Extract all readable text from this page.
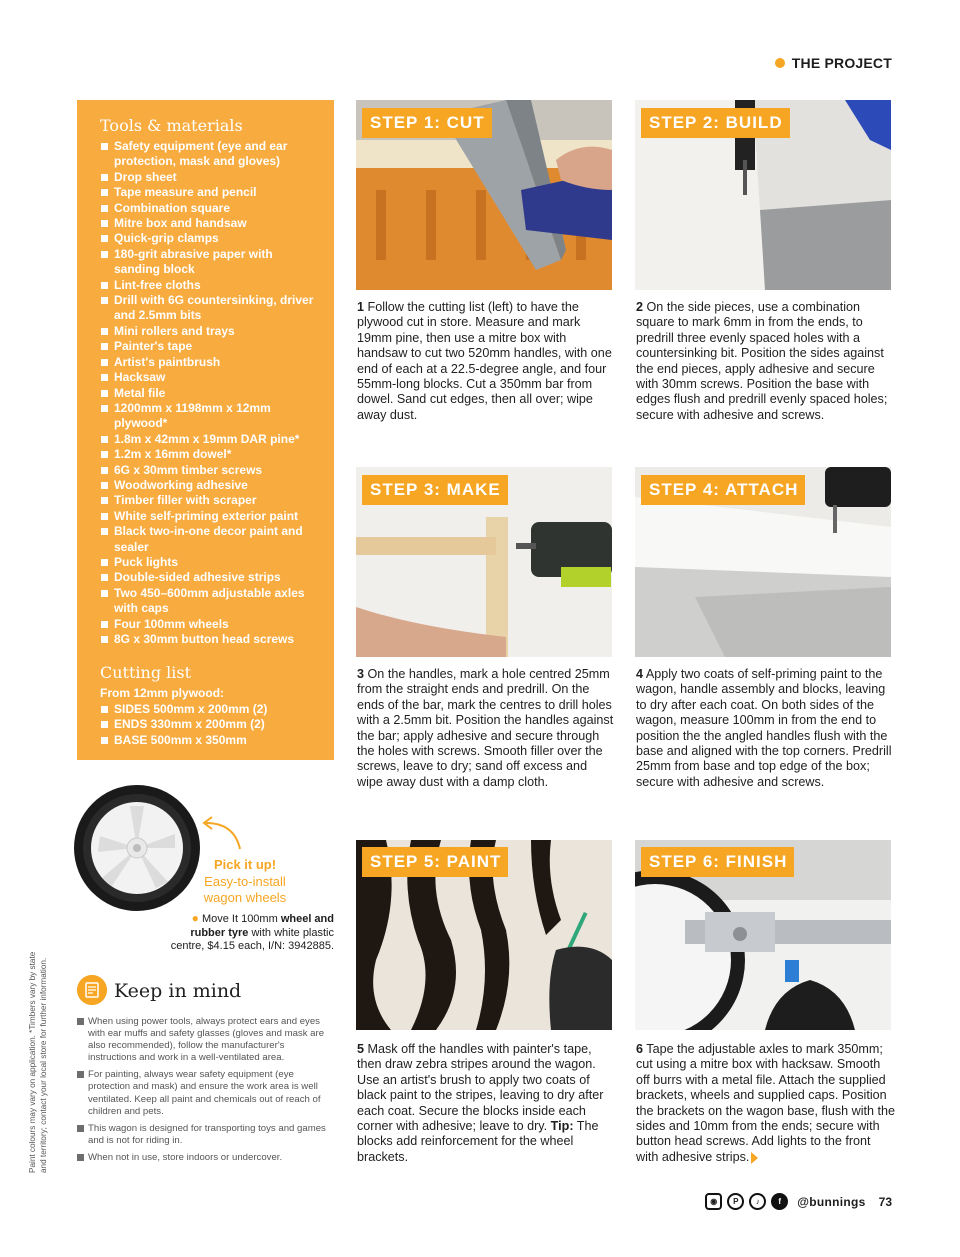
THE PROJECT
Tools & materials
Safety equipment (eye and ear protection, mask and gloves)
Drop sheet
Tape measure and pencil
Combination square
Mitre box and handsaw
Quick-grip clamps
180-grit abrasive paper with sanding block
Lint-free cloths
Drill with 6G countersinking, driver and 2.5mm bits
Mini rollers and trays
Painter's tape
Artist's paintbrush
Hacksaw
Metal file
1200mm x 1198mm x 12mm plywood*
1.8m x 42mm x 19mm DAR pine*
1.2m x 16mm dowel*
6G x 30mm timber screws
Woodworking adhesive
Timber filler with scraper
White self-priming exterior paint
Black two-in-one decor paint and sealer
Puck lights
Double-sided adhesive strips
Two 450–600mm adjustable axles with caps
Four 100mm wheels
8G x 30mm button head screws
Cutting list
From 12mm plywood:
SIDES 500mm x 200mm (2)
ENDS 330mm x 200mm (2)
BASE 500mm x 350mm
Pick it up!
Easy-to-install
wagon wheels
● Move It 100mm wheel and rubber tyre with white plastic centre, $4.15 each, I/N: 3942885.
Paint colours may vary on application. *Timbers vary by state and territory; contact your local store for further information.	Keep in mind
When using power tools, always protect ears and eyes with ear muffs and safety glasses (gloves and mask are also recommended), follow the manufacturer's instructions and work in a well-ventilated area.
For painting, always wear safety equipment (eye protection and mask) and ensure the work area is well ventilated. Keep all paint and chemicals out of reach of children and pets.
This wagon is designed for transporting toys and games and is not for riding in.
When not in use, store indoors or undercover.
STEP 1: CUT
1 Follow the cutting list (left) to have the plywood cut in store. Measure and mark 19mm pine, then use a mitre box with handsaw to cut two 520mm handles, with one end of each at a 22.5-degree angle, and four 55mm-long blocks. Cut a 350mm bar from dowel. Sand cut edges, then all over; wipe away dust.
STEP 2: BUILD
2 On the side pieces, use a combination square to mark 6mm in from the ends, to predrill three evenly spaced holes with a countersinking bit. Position the sides against the end pieces, apply adhesive and secure with 30mm screws. Position the base with edges flush and predrill evenly spaced holes; secure with adhesive and screws.
STEP 3: MAKE
3 On the handles, mark a hole centred 25mm from the straight ends and predrill. On the ends of the bar, mark the centres to drill holes with a 2.5mm bit. Position the handles against the bar; apply adhesive and secure through the holes with screws. Smooth filler over the screws, leave to dry; sand off excess and wipe away dust with a damp cloth.
STEP 4: ATTACH
4 Apply two coats of self-priming paint to the wagon, handle assembly and blocks, leaving to dry after each coat. On both sides of the wagon, measure 100mm in from the end to position the the angled handles flush with the base and aligned with the top corners. Predrill 25mm from base and top edge of the box; secure with adhesive and screws.
STEP 5: PAINT
5 Mask off the handles with painter's tape, then draw zebra stripes around the wagon. Use an artist's brush to apply two coats of black paint to the stripes, leaving to dry after each coat. Secure the blocks inside each corner with adhesive; leave to dry. Tip: The blocks add reinforcement for the wheel brackets.
STEP 6: FINISH
6 Tape the adjustable axles to mark 350mm; cut using a mitre box with hacksaw. Smooth off burrs with a metal file. Attach the supplied brackets, wheels and supplied caps. Position the brackets on the wagon base, flush with the sides and 10mm from the ends; secure with button head screws. Add lights to the front with adhesive strips.
◉	P	♪	f	@bunnings 73
